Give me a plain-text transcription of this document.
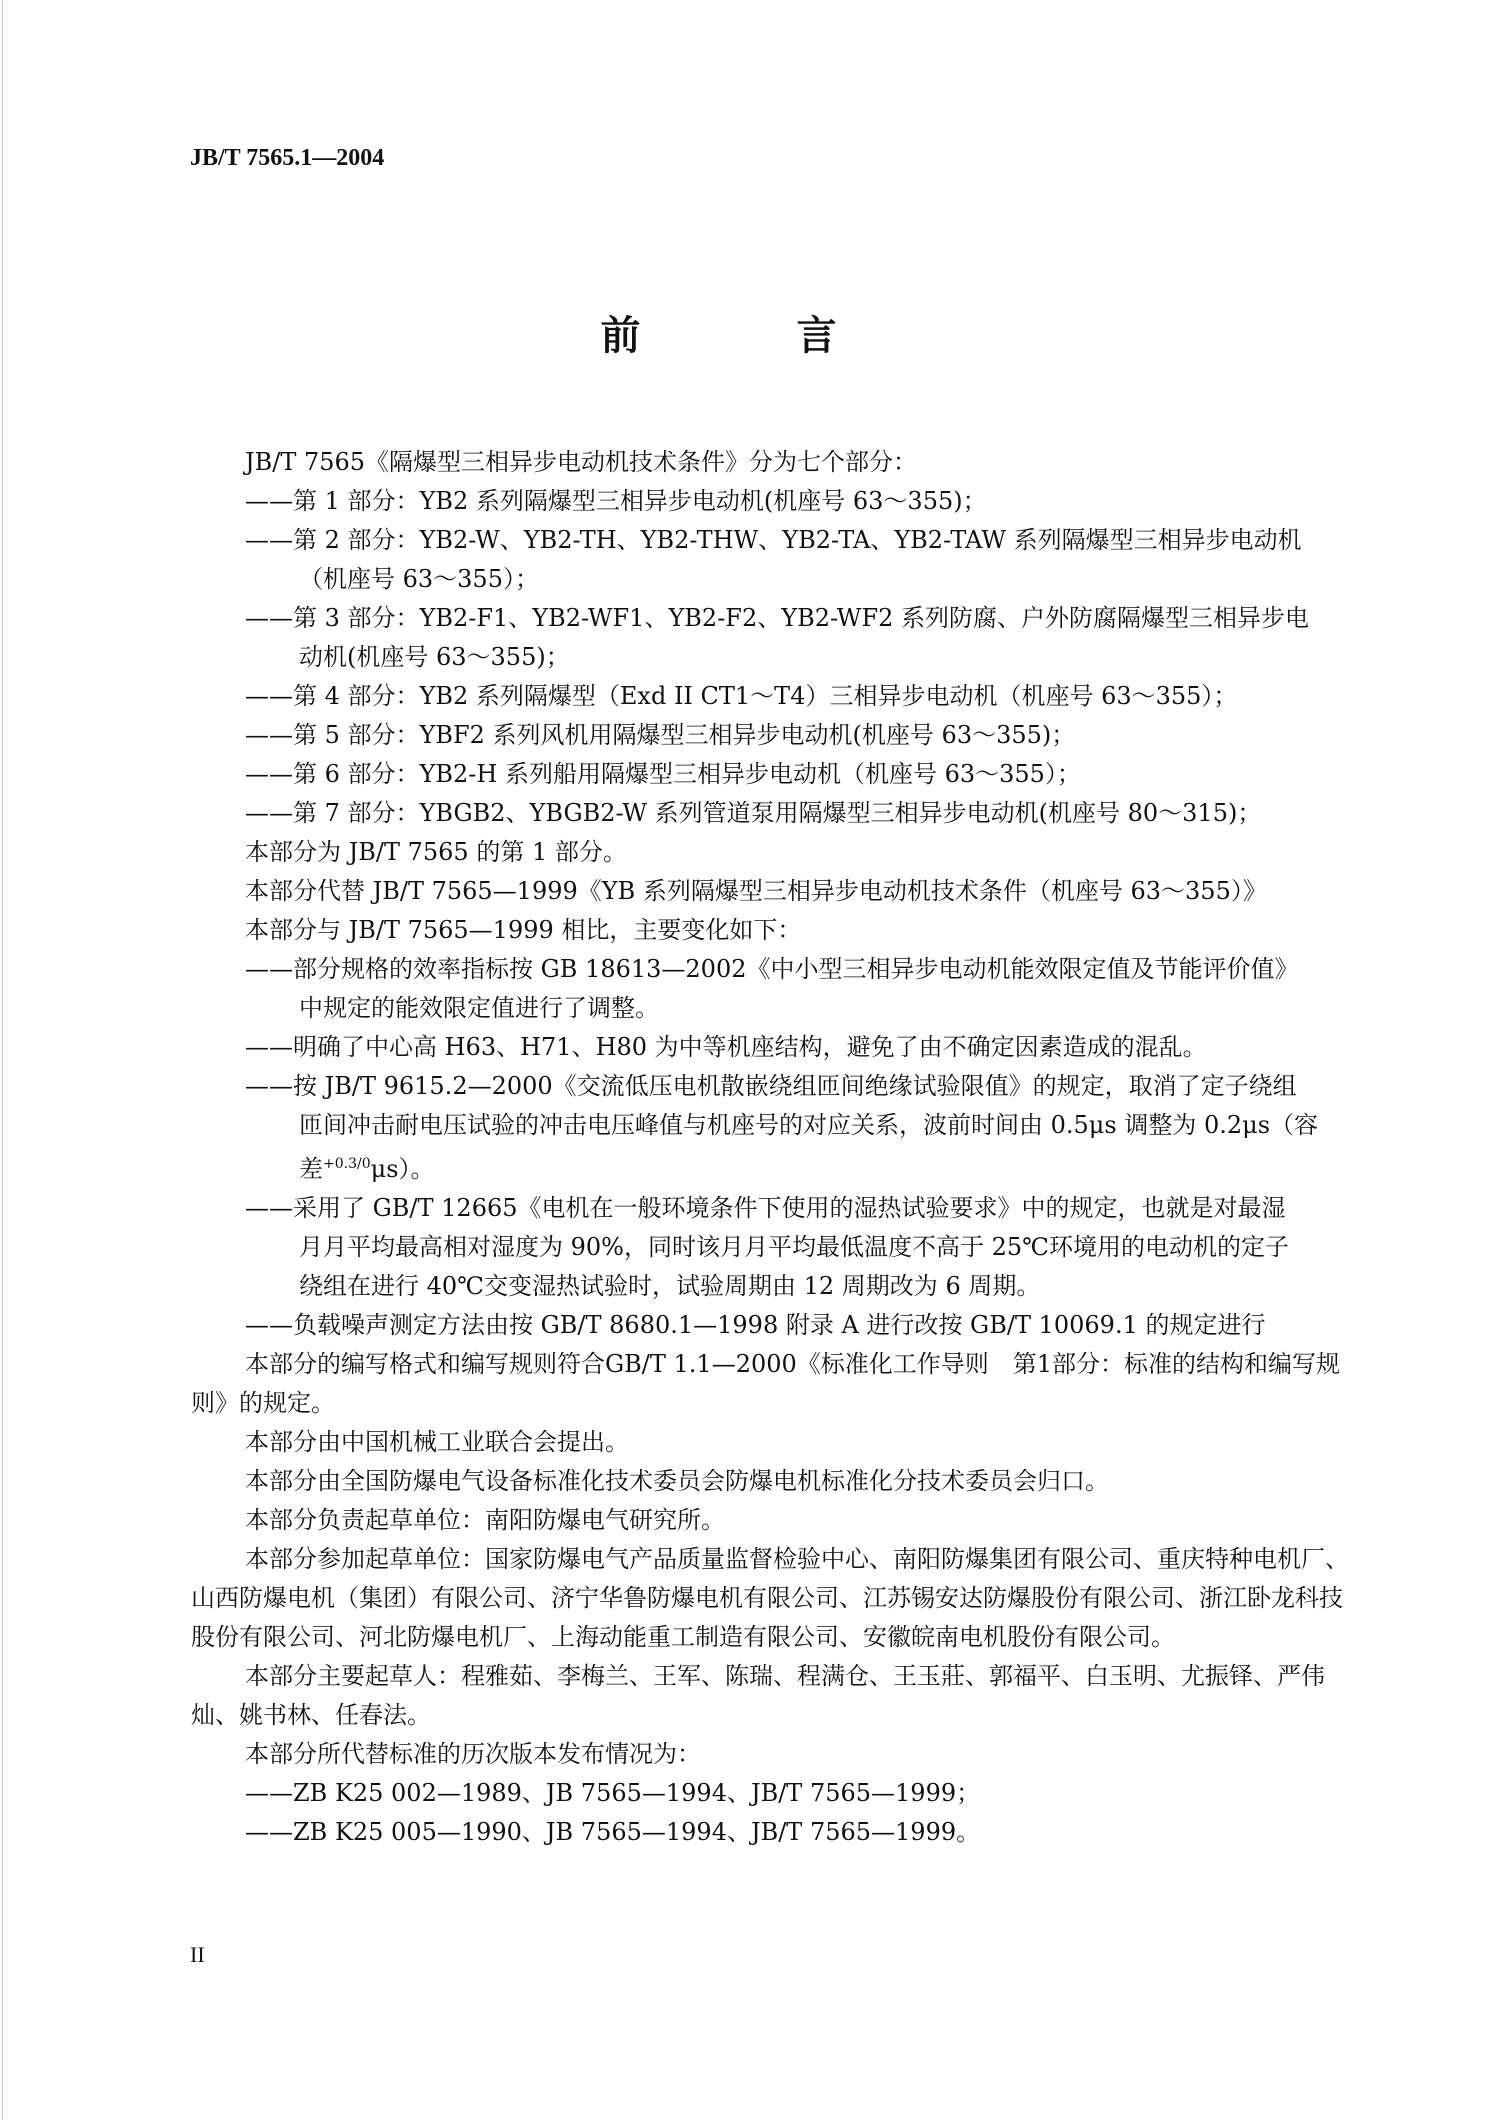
JB/T 7565.1—2004
前　言

JB/T 7565《隔爆型三相异步电动机技术条件》分为七个部分：

——第 1 部分：YB2 系列隔爆型三相异步电动机(机座号 63～355)；

——第 2 部分：YB2-W、YB2-TH、YB2-THW、YB2-TA、YB2-TAW 系列隔爆型三相异步电动机

（机座号 63～355）；

——第 3 部分：YB2-F1、YB2-WF1、YB2-F2、YB2-WF2 系列防腐、户外防腐隔爆型三相异步电

动机(机座号 63～355)；

——第 4 部分：YB2 系列隔爆型（Exd II CT1～T4）三相异步电动机（机座号 63～355）；

——第 5 部分：YBF2 系列风机用隔爆型三相异步电动机(机座号 63～355)；

——第 6 部分：YB2-H 系列船用隔爆型三相异步电动机（机座号 63～355）；

——第 7 部分：YBGB2、YBGB2-W 系列管道泵用隔爆型三相异步电动机(机座号 80～315)；

本部分为 JB/T 7565 的第 1 部分。

本部分代替 JB/T 7565—1999《YB 系列隔爆型三相异步电动机技术条件（机座号 63～355）》

本部分与 JB/T 7565—1999 相比，主要变化如下：

——部分规格的效率指标按 GB 18613—2002《中小型三相异步电动机能效限定值及节能评价值》

中规定的能效限定值进行了调整。

——明确了中心高 H63、H71、H80 为中等机座结构，避免了由不确定因素造成的混乱。

——按 JB/T 9615.2—2000《交流低压电机散嵌绕组匝间绝缘试验限值》的规定，取消了定子绕组

匝间冲击耐电压试验的冲击电压峰值与机座号的对应关系，波前时间由 0.5μs 调整为 0.2μs（容

差$^{+0.3/0}$μs）。

——采用了 GB/T 12665《电机在一般环境条件下使用的湿热试验要求》中的规定，也就是对最湿

月月平均最高相对湿度为 90%，同时该月月平均最低温度不高于 25℃环境用的电动机的定子

绕组在进行 40℃交变湿热试验时，试验周期由 12 周期改为 6 周期。

——负载噪声测定方法由按 GB/T 8680.1—1998 附录 A 进行改按 GB/T 10069.1 的规定进行

本部分的编写格式和编写规则符合GB/T 1.1—2000《标准化工作导则　第1部分：标准的结构和编写规则》的规定。

本部分由中国机械工业联合会提出。

本部分由全国防爆电气设备标准化技术委员会防爆电机标准化分技术委员会归口。

本部分负责起草单位：南阳防爆电气研究所。

本部分参加起草单位：国家防爆电气产品质量监督检验中心、南阳防爆集团有限公司、重庆特种电机厂、山西防爆电机（集团）有限公司、济宁华鲁防爆电机有限公司、江苏锡安达防爆股份有限公司、浙江卧龙科技股份有限公司、河北防爆电机厂、上海动能重工制造有限公司、安徽皖南电机股份有限公司。

本部分主要起草人：程雅茹、李梅兰、王军、陈瑞、程满仓、王玉莊、郭福平、白玉明、尤振铎、严伟灿、姚书林、任春法。

本部分所代替标准的历次版本发布情况为：

——ZB K25 002—1989、JB 7565—1994、JB/T 7565—1999；

——ZB K25 005—1990、JB 7565—1994、JB/T 7565—1999。

II
